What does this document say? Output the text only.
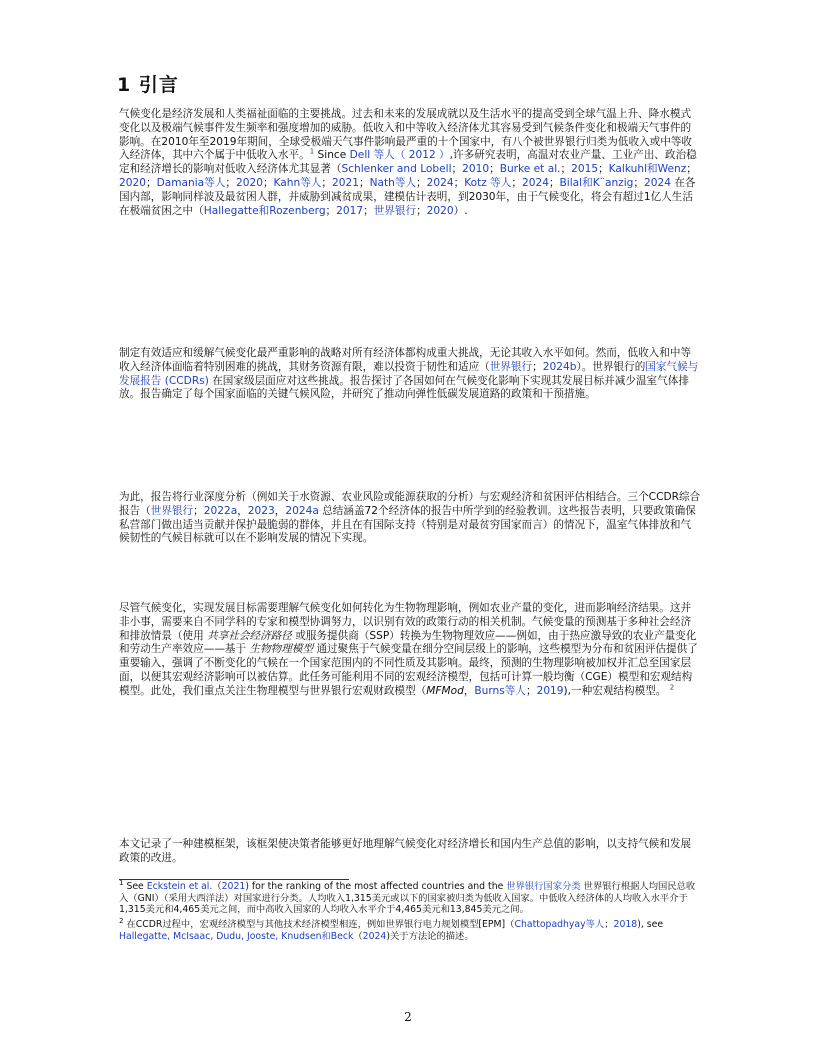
1 引言

气候变化是经济发展和人类福祉面临的主要挑战。过去和未来的发展成就以及生活水平的提高受到全球气温上升、降水模式变化以及极端气候事件发生频率和强度增加的威胁。低收入和中等收入经济体尤其容易受到气候条件变化和极端天气事件的影响。在2010年至2019年期间，全球受极端天气事件影响最严重的十个国家中，有八个被世界银行归类为低收入或中等收入经济体，其中六个属于中低收入水平。$^1$ Since Dell 等人（ 2012 ）,许多研究表明，高温对农业产量、工业产出、政治稳定和经济增长的影响对低收入经济体尤其显著（Schlenker and Lobell；2010；Burke et al.；2015；Kalkuhl和Wenz；2020；Damania等人；2020；Kahn等人；2021；Nath等人；2024；Kotz 等人；2024；Bilal和K¨anzig；2024 在各国内部，影响同样波及最贫困人群，并威胁到减贫成果，建模估计表明，到2030年，由于气候变化，将会有超过1亿人生活在极端贫困之中（Hallegatte和Rozenberg；2017；世界银行；2020）.

制定有效适应和缓解气候变化最严重影响的战略对所有经济体都构成重大挑战，无论其收入水平如何。然而，低收入和中等收入经济体面临着特别困难的挑战，其财务资源有限，难以投资于韧性和适应（世界银行；2024b）。世界银行的国家气候与发展报告 (CCDRs) 在国家级层面应对这些挑战。报告探讨了各国如何在气候变化影响下实现其发展目标并减少温室气体排放。报告确定了每个国家面临的关键气候风险，并研究了推动向弹性低碳发展道路的政策和干预措施。

为此，报告将行业深度分析（例如关于水资源、农业风险或能源获取的分析）与宏观经济和贫困评估相结合。三个CCDR综合报告（世界银行；2022a，2023，2024a 总结涵盖72个经济体的报告中所学到的经验教训。这些报告表明，只要政策确保私营部门做出适当贡献并保护最脆弱的群体，并且在有国际支持（特别是对最贫穷国家而言）的情况下，温室气体排放和气候韧性的气候目标就可以在不影响发展的情况下实现。

尽管气候变化，实现发展目标需要理解气候变化如何转化为生物物理影响，例如农业产量的变化，进而影响经济结果。这并非小事，需要来自不同学科的专家和模型协调努力，以识别有效的政策行动的相关机制。气候变量的预测基于多种社会经济和排放情景（使用 共享社会经济路径 或服务提供商（SSP）转换为生物物理效应——例如，由于热应激导致的农业产量变化和劳动生产率效应——基于 生物物理模型 通过聚焦于气候变量在细分空间层级上的影响，这些模型为分布和贫困评估提供了重要输入，强调了不断变化的气候在一个国家范围内的不同性质及其影响。最终，预测的生物理影响被加权并汇总至国家层面，以便其宏观经济影响可以被估算。此任务可能利用不同的宏观经济模型，包括可计算一般均衡（CGE）模型和宏观结构模型。此处，我们重点关注生物理模型与世界银行宏观财政模型（MFMod，Burns等人；2019),一种宏观结构模型。 $^2$

本文记录了一种建模框架，该框架使决策者能够更好地理解气候变化对经济增长和国内生产总值的影响，以支持气候和发展政策的改进。

$^1$ See Eckstein et al.（2021) for the ranking of the most affected countries and the 世界银行国家分类 世界银行根据人均国民总收入（GNI）（采用大西洋法）对国家进行分类。人均收入1,315美元或以下的国家被归类为低收入国家。中低收入经济体的人均收入水平介于1,315美元和4,465美元之间，而中高收入国家的人均收入水平介于4,465美元和13,845美元之间。

$^2$ 在CCDR过程中，宏观经济模型与其他技术经济模型相连，例如世界银行电力规划模型[EPM]（Chattopadhyay等人；2018), see Hallegatte, McIsaac, Dudu, Jooste, Knudsen和Beck（2024)关于方法论的描述。

2
